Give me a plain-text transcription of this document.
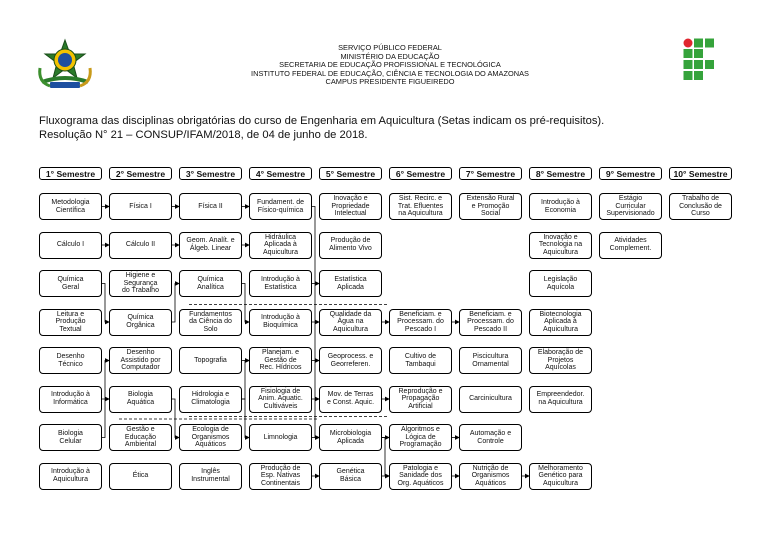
SERVIÇO PÚBLICO FEDERAL
MINISTÉRIO DA EDUCAÇÃO
SECRETARIA DE EDUCAÇÃO PROFISSIONAL E TECNOLÓGICA
INSTITUTO FEDERAL DE EDUCAÇÃO, CIÊNCIA E TECNOLOGIA DO AMAZONAS
CAMPUS PRESIDENTE FIGUEIREDO
Fluxograma das disciplinas obrigatórias do curso de Engenharia em Aquicultura (Setas indicam os pré-requisitos).
Resolução N° 21 – CONSUP/IFAM/2018, de 04 de junho de 2018.
1° Semestre
Metodologia
Científica
Cálculo I
Química
Geral
Leitura e
Produção
Textual
Desenho
Técnico
Introdução à
Informática
Biologia
Celular
Introdução à
Aquicultura
2° Semestre
Física I
Cálculo II
Higiene e
Segurança
do Trabalho
Química
Orgânica
Desenho
Assistido por
Computador
Biologia
Aquática
Gestão e
Educação
Ambiental
Ética
3° Semestre
Física II
Geom. Analít. e
Álgeb. Linear
Química
Analítica
Fundamentos
da Ciência do
Solo
Topografia
Hidrologia e
Climatologia
Ecologia de
Organismos
Aquáticos
Inglês
Instrumental
4° Semestre
Fundament. de
Físico-química
Hidráulica
Aplicada à
Aquicultura
Introdução à
Estatística
Introdução à
Bioquímica
Planejam. e
Gestão de
Rec. Hídricos
Fisiologia de
Anim. Aquatic.
Cultiváveis
Limnologia
Produção de
Esp. Nativas
Continentais
5° Semestre
Inovação e
Propriedade
Intelectual
Produção de
Alimento Vivo
Estatística
Aplicada
Qualidade da
Água na
Aquicultura
Geoprocess. e
Georreferen.
Mov. de Terras
e Const. Aquic.
Microbiologia
Aplicada
Genética
Básica
6° Semestre
Sist. Recirc. e
Trat. Efluentes
na Aquicultura
Beneficiam. e
Processam. do
Pescado I
Cultivo de
Tambaqui
Reprodução e
Propagação
Artificial
Algoritmos e
Lógica de
Programação
Patologia e
Sanidade dos
Org. Aquáticos
7° Semestre
Extensão Rural
e Promoção
Social
Beneficiam. e
Processam. do
Pescado II
Piscicultura
Ornamental
Carcinicultura
Automação e
Controle
Nutrição de
Organismos
Aquáticos
8° Semestre
Introdução à
Economia
Inovação e
Tecnologia na
Aquicultura
Legislação
Aquícola
Biotecnologia
Aplicada à
Aquicultura
Elaboração de
Projetos
Aquícolas
Empreendedor.
na Aquicultura
Melhoramento
Genético para
Aquicultura
9° Semestre
Estágio
Curricular
Supervisionado
Atividades
Complement.
10° Semestre
Trabalho de
Conclusão de
Curso
